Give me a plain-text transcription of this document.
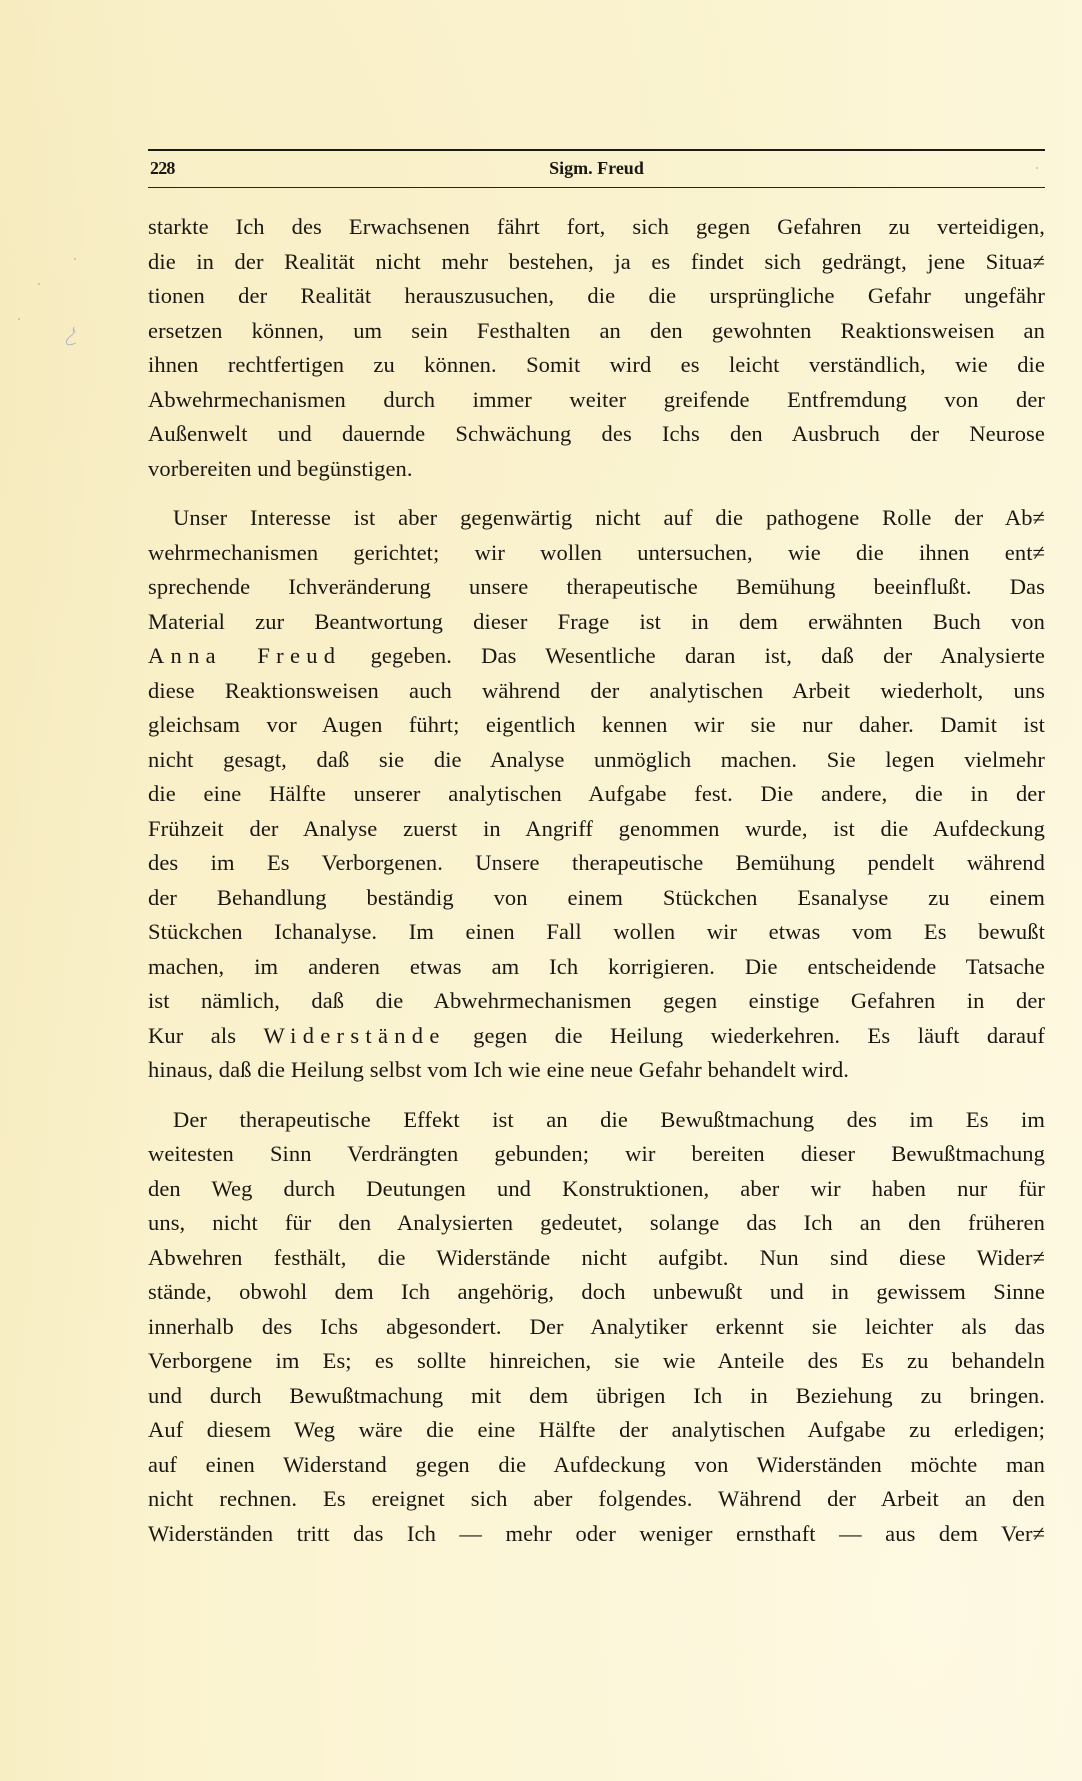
228	Sigm. Freud

starkte Ich des Erwachsenen fährt fort, sich gegen Gefahren zu verteidigen,
die in der Realität nicht mehr bestehen, ja es findet sich gedrängt, jene Situa≠
tionen der Realität herauszusuchen, die die ursprüngliche Gefahr ungefähr
ersetzen können, um sein Festhalten an den gewohnten Reaktionsweisen an
ihnen rechtfertigen zu können. Somit wird es leicht verständlich, wie die
Abwehrmechanismen durch immer weiter greifende Entfremdung von der
Außenwelt und dauernde Schwächung des Ichs den Ausbruch der Neurose
vorbereiten und begünstigen.

Unser Interesse ist aber gegenwärtig nicht auf die pathogene Rolle der Ab≠
wehrmechanismen gerichtet; wir wollen untersuchen, wie die ihnen ent≠
sprechende Ichveränderung unsere therapeutische Bemühung beeinflußt. Das
Material zur Beantwortung dieser Frage ist in dem erwähnten Buch von
Anna Freud gegeben. Das Wesentliche daran ist, daß der Analysierte
diese Reaktionsweisen auch während der analytischen Arbeit wiederholt, uns
gleichsam vor Augen führt; eigentlich kennen wir sie nur daher. Damit ist
nicht gesagt, daß sie die Analyse unmöglich machen. Sie legen vielmehr
die eine Hälfte unserer analytischen Aufgabe fest. Die andere, die in der
Frühzeit der Analyse zuerst in Angriff genommen wurde, ist die Aufdeckung
des im Es Verborgenen. Unsere therapeutische Bemühung pendelt während
der Behandlung beständig von einem Stückchen Esanalyse zu einem
Stückchen Ichanalyse. Im einen Fall wollen wir etwas vom Es bewußt
machen, im anderen etwas am Ich korrigieren. Die entscheidende Tatsache
ist nämlich, daß die Abwehrmechanismen gegen einstige Gefahren in der
Kur als Widerstände gegen die Heilung wiederkehren. Es läuft darauf
hinaus, daß die Heilung selbst vom Ich wie eine neue Gefahr behandelt wird.

Der therapeutische Effekt ist an die Bewußtmachung des im Es im
weitesten Sinn Verdrängten gebunden; wir bereiten dieser Bewußtmachung
den Weg durch Deutungen und Konstruktionen, aber wir haben nur für
uns, nicht für den Analysierten gedeutet, solange das Ich an den früheren
Abwehren festhält, die Widerstände nicht aufgibt. Nun sind diese Wider≠
stände, obwohl dem Ich angehörig, doch unbewußt und in gewissem Sinne
innerhalb des Ichs abgesondert. Der Analytiker erkennt sie leichter als das
Verborgene im Es; es sollte hinreichen, sie wie Anteile des Es zu behandeln
und durch Bewußtmachung mit dem übrigen Ich in Beziehung zu bringen.
Auf diesem Weg wäre die eine Hälfte der analytischen Aufgabe zu erledigen;
auf einen Widerstand gegen die Aufdeckung von Widerständen möchte man
nicht rechnen. Es ereignet sich aber folgendes. Während der Arbeit an den
Widerständen tritt das Ich — mehr oder weniger ernsthaft — aus dem Ver≠
